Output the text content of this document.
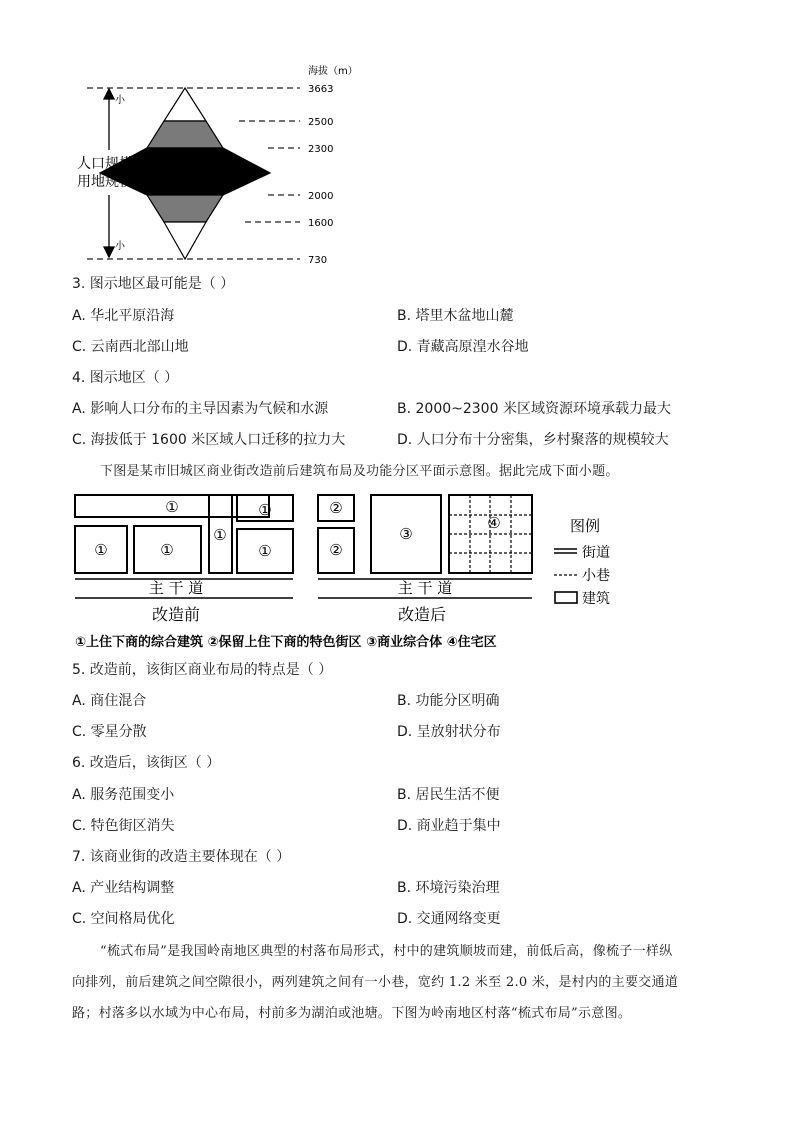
海拔（m）
3663
2500
2300
2000
1600
730
小
小
人口规模
用地规模
3. 图示地区最可能是（ ）
A. 华北平原沿海	B. 塔里木盆地山麓
C. 云南西北部山地	D. 青藏高原湟水谷地
4. 图示地区（ ）
A. 影响人口分布的主导因素为气候和水源	B. 2000~2300 米区域资源环境承载力最大
C. 海拔低于 1600 米区域人口迁移的拉力大	D. 人口分布十分密集，乡村聚落的规模较大
下图是某市旧城区商业街改造前后建筑布局及功能分区平面示意图。据此完成下面小题。
①
①	①
①
①
①
②
②
③
④
主 干 道	主 干 道
改造前	改造后
图例
街道
小巷
建筑
①上住下商的综合建筑 ②保留上住下商的特色街区 ③商业综合体 ④住宅区
5. 改造前，该街区商业布局的特点是（ ）
A. 商住混合	B. 功能分区明确
C. 零星分散	D. 呈放射状分布
6. 改造后，该街区（ ）
A. 服务范围变小	B. 居民生活不便
C. 特色街区消失	D. 商业趋于集中
7. 该商业街的改造主要体现在（ ）
A. 产业结构调整	B. 环境污染治理
C. 空间格局优化	D. 交通网络变更
“梳式布局”是我国岭南地区典型的村落布局形式，村中的建筑顺坡而建，前低后高，像梳子一样纵
向排列，前后建筑之间空隙很小，两列建筑之间有一小巷，宽约 1.2 米至 2.0 米，是村内的主要交通道
路；村落多以水域为中心布局，村前多为湖泊或池塘。下图为岭南地区村落“梳式布局”示意图。
